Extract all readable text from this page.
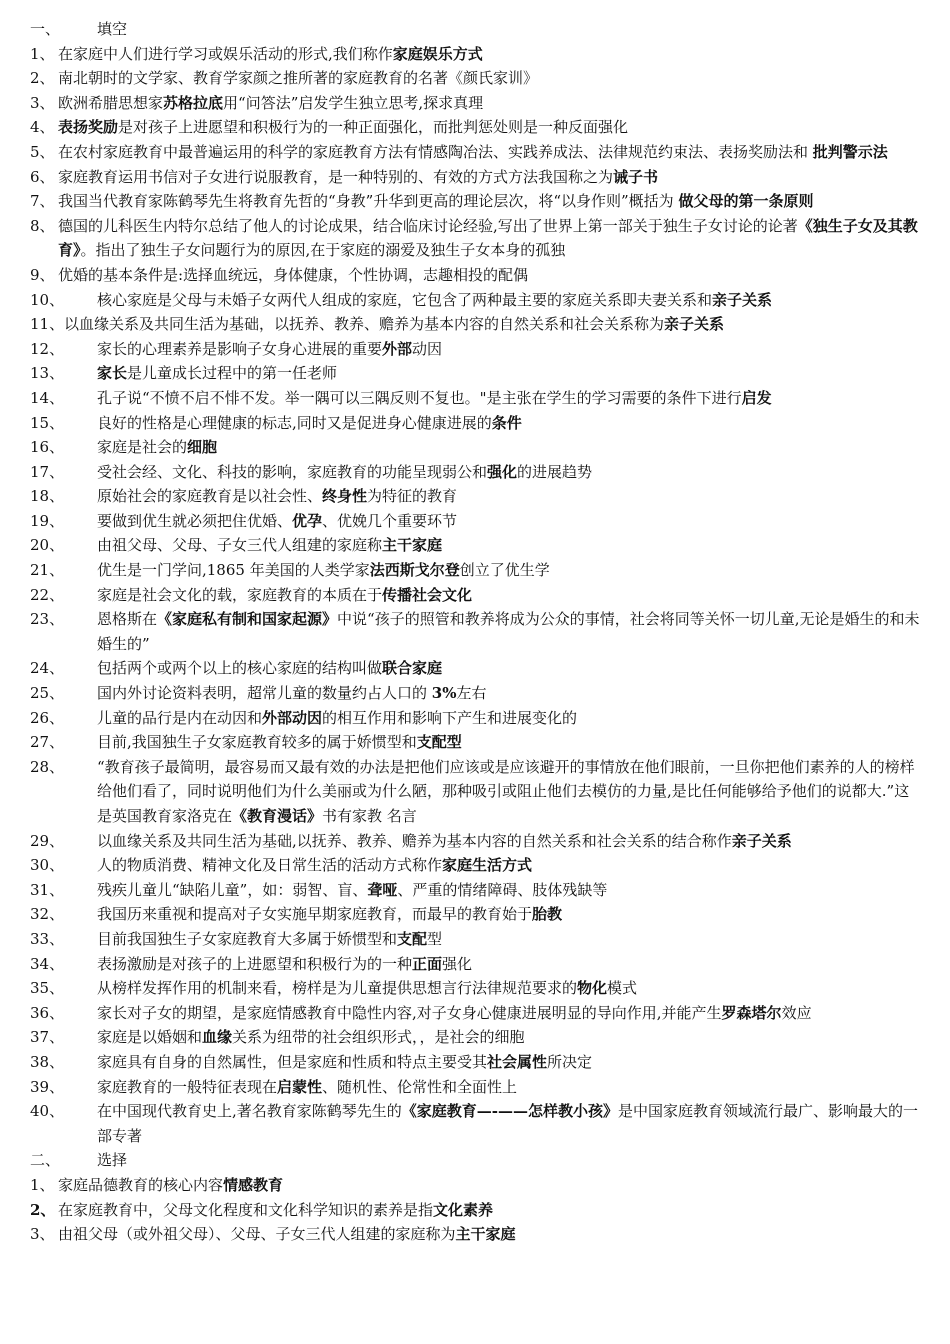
一、	填空
1、 在家庭中人们进行学习或娱乐活动的形式,我们称作家庭娱乐方式
2、 南北朝时的文学家、教育学家颜之推所著的家庭教育的名著《颜氏家训》
3、 欧洲希腊思想家苏格拉底用“问答法”启发学生独立思考,探求真理
4、 表扬奖励是对孩子上进愿望和积极行为的一种正面强化，而批判惩处则是一种反面强化
5、 在农村家庭教育中最普遍运用的科学的家庭教育方法有情感陶冶法、实践养成法、法律规范约束法、表扬奖励法和 批判警示法
6、 家庭教育运用书信对子女进行说服教育，是一种特别的、有效的方式方法我国称之为诫子书
7、 我国当代教育家陈鹤琴先生将教育先哲的“身教”升华到更高的理论层次，将“以身作则”概括为 做父母的第一条原则
8、 德国的儿科医生内特尔总结了他人的讨论成果，结合临床讨论经验,写出了世界上第一部关于独生子女讨论的论著《独生子女及其教育》。指出了独生子女问题行为的原因,在于家庭的溺爱及独生子女本身的孤独
9、 优婚的基本条件是:选择血统远，身体健康，个性协调，志趣相投的配偶
10、	核心家庭是父母与未婚子女两代人组成的家庭，它包含了两种最主要的家庭关系即夫妻关系和亲子关系
11、 以血缘关系及共同生活为基础，以抚养、教养、赡养为基本内容的自然关系和社会关系称为亲子关系
12、	家长的心理素养是影响子女身心进展的重要外部动因
13、	家长是儿童成长过程中的第一任老师
14、	孔子说“不愤不启不悱不发。举一隅可以三隅反则不复也。"是主张在学生的学习需要的条件下进行启发
15、	良好的性格是心理健康的标志,同时又是促进身心健康进展的条件
16、	家庭是社会的细胞
17、	受社会经、文化、科技的影响，家庭教育的功能呈现弱公和强化的进展趋势
18、	原始社会的家庭教育是以社会性、终身性为特征的教育
19、	要做到优生就必须把住优婚、优孕、优娩几个重要环节
20、	由祖父母、父母、子女三代人组建的家庭称主干家庭
21、	优生是一门学问,1865 年美国的人类学家法西斯戈尔登创立了优生学
22、	家庭是社会文化的载，家庭教育的本质在于传播社会文化
23、	恩格斯在《家庭私有制和国家起源》中说“孩子的照管和教养将成为公众的事情，社会将同等关怀一切儿童,无论是婚生的和未婚生的”
24、	包括两个或两个以上的核心家庭的结构叫做联合家庭
25、	国内外讨论资料表明，超常儿童的数量约占人口的 3%左右
26、	儿童的品行是内在动因和外部动因的相互作用和影响下产生和进展变化的
27、	目前,我国独生子女家庭教育较多的属于娇惯型和支配型
28、	“教育孩子最简明，最容易而又最有效的办法是把他们应该或是应该避开的事情放在他们眼前，一旦你把他们素养的人的榜样给他们看了，同时说明他们为什么美丽或为什么陋，那种吸引或阻止他们去模仿的力量,是比任何能够给予他们的说都大.”这是英国教育家洛克在《教育漫话》书有家教 名言
29、	以血缘关系及共同生活为基础,以抚养、教养、赡养为基本内容的自然关系和社会关系的结合称作亲子关系
30、	人的物质消费、精神文化及日常生活的活动方式称作家庭生活方式
31、	残疾儿童儿“缺陷儿童”，如：弱智、盲、聋哑、严重的情绪障碍、肢体残缺等
32、	我国历来重视和提高对子女实施早期家庭教育，而最早的教育始于胎教
33、	目前我国独生子女家庭教育大多属于娇惯型和支配型
34、	表扬激励是对孩子的上进愿望和积极行为的一种正面强化
35、	从榜样发挥作用的机制来看，榜样是为儿童提供思想言行法律规范要求的物化模式
36、	家长对子女的期望，是家庭情感教育中隐性内容,对子女身心健康进展明显的导向作用,并能产生罗森塔尔效应
37、	家庭是以婚姻和血缘关系为纽带的社会组织形式，，是社会的细胞
38、	家庭具有自身的自然属性，但是家庭和性质和特点主要受其社会属性所决定
39、	家庭教育的一般特征表现在启蒙性、随机性、伦常性和全面性上
40、	在中国现代教育史上,著名教育家陈鹤琴先生的《家庭教育—-——怎样教小孩》是中国家庭教育领域流行最广、影响最大的一部专著
二、	选择
1、 家庭品德教育的核心内容情感教育
2、 在家庭教育中，父母文化程度和文化科学知识的素养是指文化素养
3、 由祖父母（或外祖父母）、父母、子女三代人组建的家庭称为主干家庭
